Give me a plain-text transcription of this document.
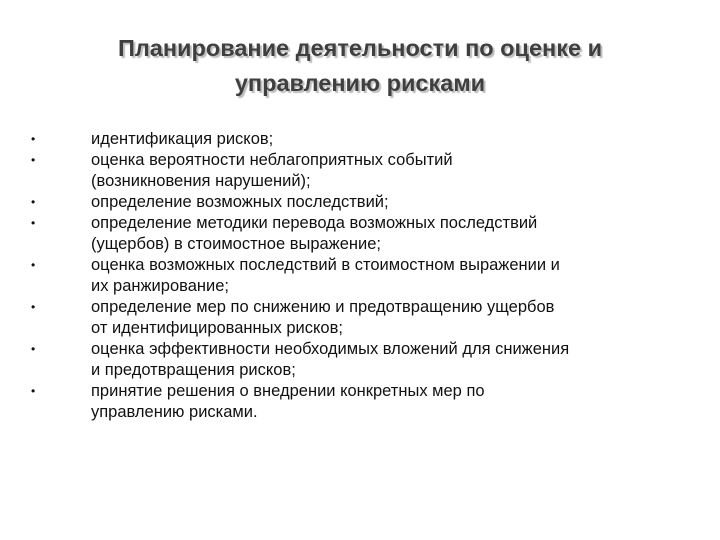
Планирование деятельности по оценке и
управлению рисками
•	идентификация рисков;
•	оценка вероятности неблагоприятных событий
(возникновения нарушений);
•	определение возможных последствий;
•	определение методики перевода возможных последствий
(ущербов) в стоимостное выражение;
•	оценка возможных последствий в стоимостном выражении и
их ранжирование;
•	определение мер по снижению и предотвращению ущербов
от идентифицированных рисков;
•	оценка эффективности необходимых вложений для снижения
и предотвращения рисков;
•	принятие решения о внедрении конкретных мер по
управлению рисками.
